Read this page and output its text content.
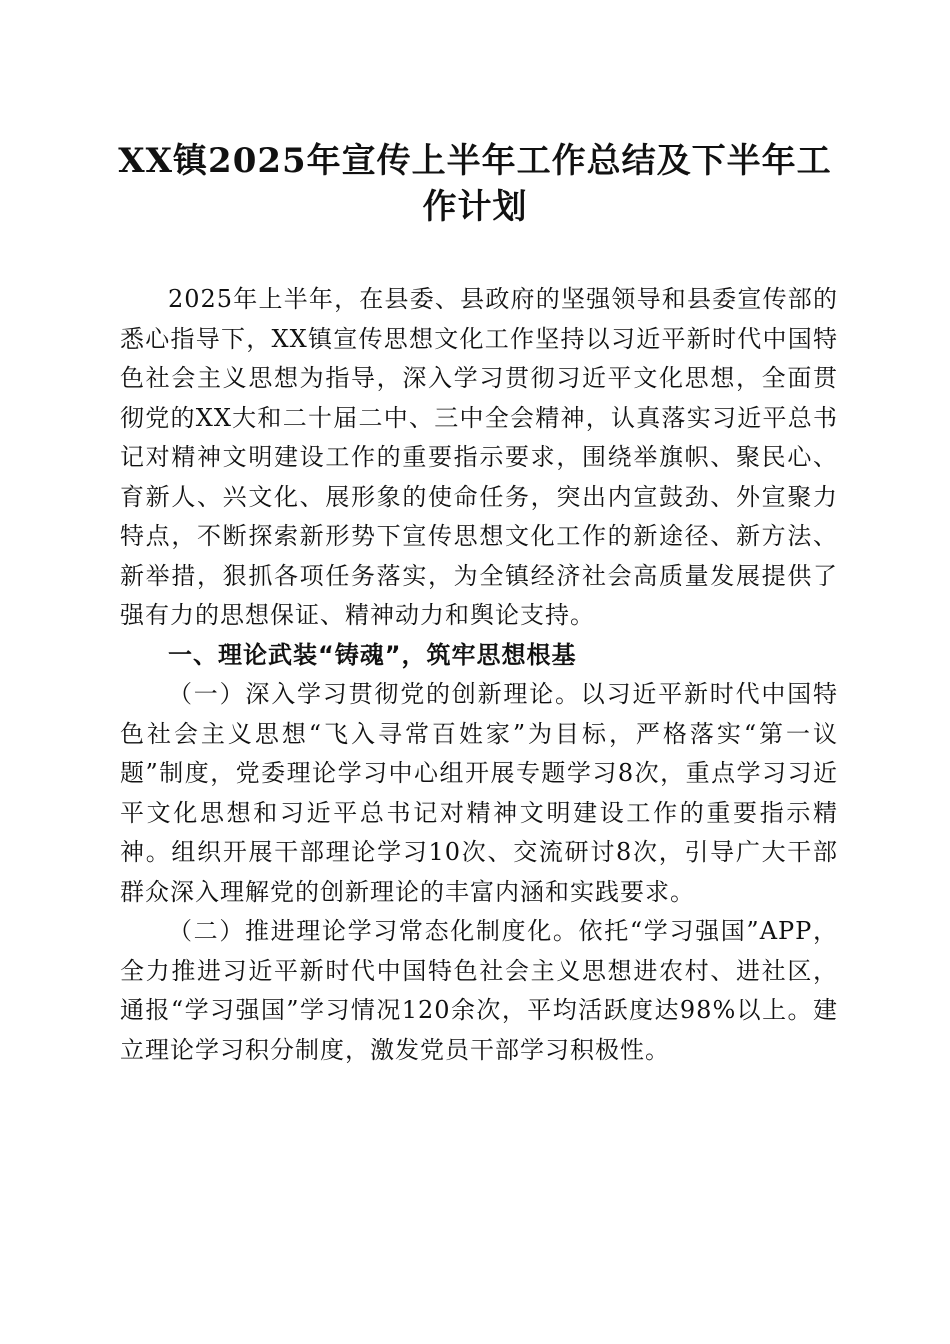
XX镇2025年宣传上半年工作总结及下半年工作计划

2025年上半年，在县委、县政府的坚强领导和县委宣传部的悉心指导下，XX镇宣传思想文化工作坚持以习近平新时代中国特色社会主义思想为指导，深入学习贯彻习近平文化思想，全面贯彻党的XX大和二十届二中、三中全会精神，认真落实习近平总书记对精神文明建设工作的重要指示要求，围绕举旗帜、聚民心、育新人、兴文化、展形象的使命任务，突出内宣鼓劲、外宣聚力特点，不断探索新形势下宣传思想文化工作的新途径、新方法、新举措，狠抓各项任务落实，为全镇经济社会高质量发展提供了强有力的思想保证、精神动力和舆论支持。

一、理论武装“铸魂”，筑牢思想根基

（一）深入学习贯彻党的创新理论。以习近平新时代中国特色社会主义思想“飞入寻常百姓家”为目标，严格落实“第一议题”制度，党委理论学习中心组开展专题学习8次，重点学习习近平文化思想和习近平总书记对精神文明建设工作的重要指示精神。组织开展干部理论学习10次、交流研讨8次，引导广大干部群众深入理解党的创新理论的丰富内涵和实践要求。

（二）推进理论学习常态化制度化。依托“学习强国”APP，全力推进习近平新时代中国特色社会主义思想进农村、进社区，通报“学习强国”学习情况120余次，平均活跃度达98%以上。建立理论学习积分制度，激发党员干部学习积极性。
